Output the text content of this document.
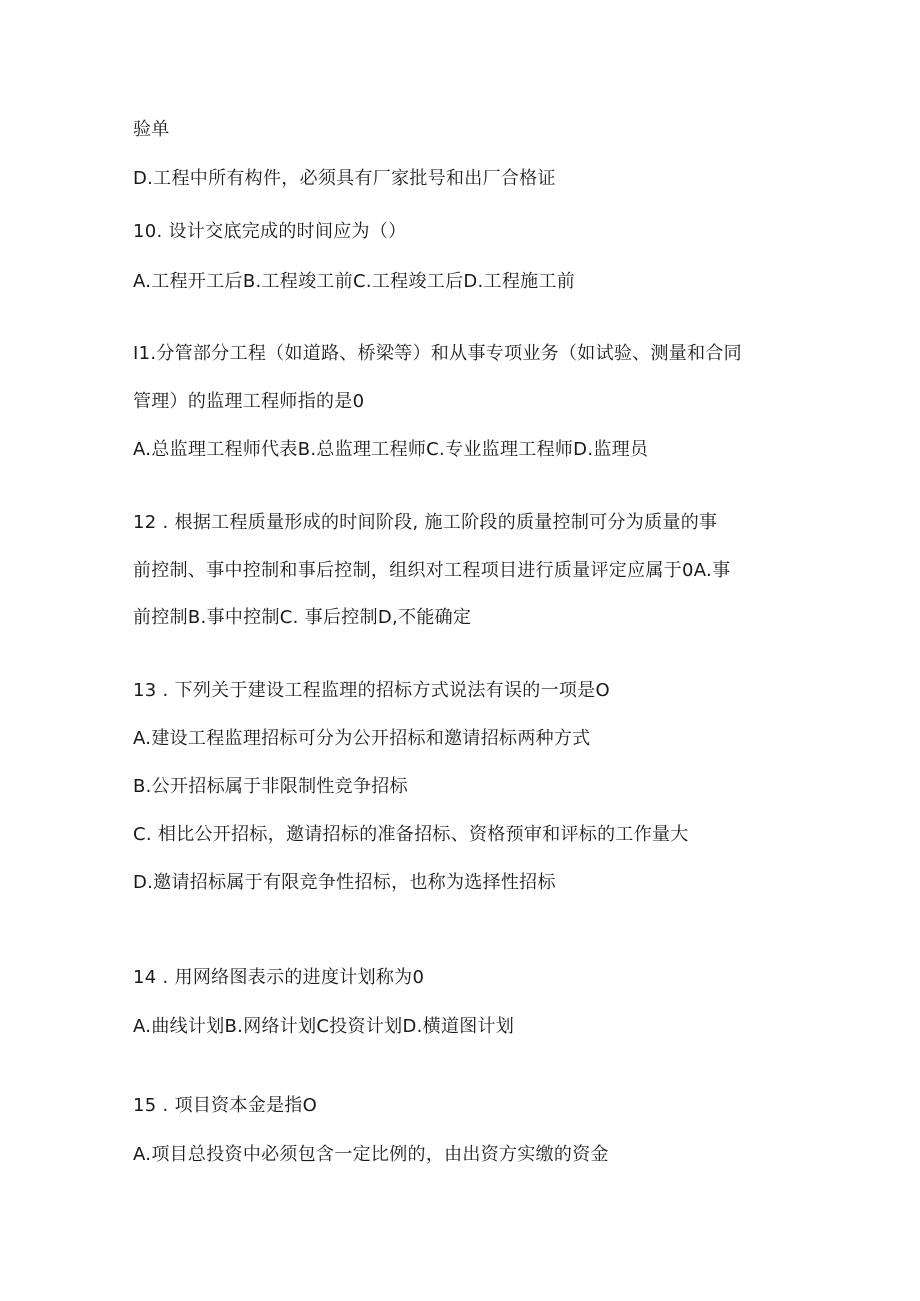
验单
D.工程中所有构件，必须具有厂家批号和出厂合格证
10. 设计交底完成的时间应为（）
A.工程开工后B.工程竣工前C.工程竣工后D.工程施工前
I1.分管部分工程（如道路、桥梁等）和从事专项业务（如试验、测量和合同
管理）的监理工程师指的是0
A.总监理工程师代表B.总监理工程师C.专业监理工程师D.监理员
12 . 根据工程质量形成的时间阶段, 施工阶段的质量控制可分为质量的事
前控制、事中控制和事后控制，组织对工程项目进行质量评定应属于0A.事
前控制B.事中控制C. 事后控制D,不能确定
13 . 下列关于建设工程监理的招标方式说法有误的一项是O
A.建设工程监理招标可分为公开招标和邀请招标两种方式
B.公开招标属于非限制性竞争招标
C. 相比公开招标，邀请招标的准备招标、资格预审和评标的工作量大
D.邀请招标属于有限竞争性招标，也称为选择性招标
14 . 用网络图表示的进度计划称为0
A.曲线计划B.网络计划C投资计划D.横道图计划
15 . 项目资本金是指O
A.项目总投资中必须包含一定比例的，由出资方实缴的资金
